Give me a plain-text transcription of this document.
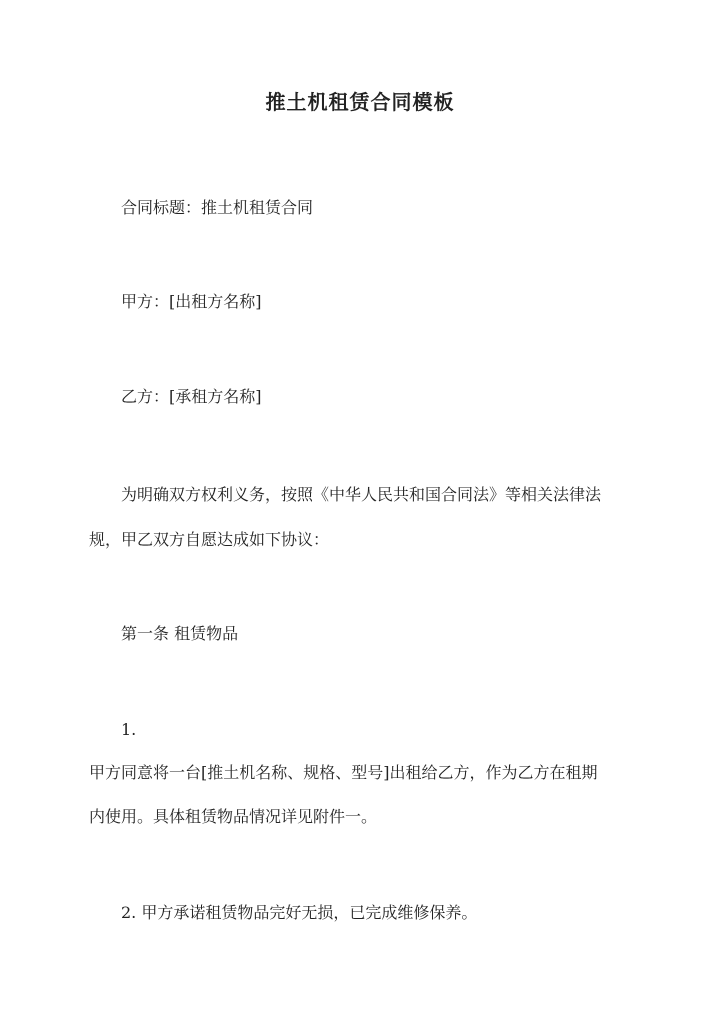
推土机租赁合同模板
合同标题：推土机租赁合同
甲方：[出租方名称]
乙方：[承租方名称]
为明确双方权利义务，按照《中华人民共和国合同法》等相关法律法
规，甲乙双方自愿达成如下协议：
第一条 租赁物品
1.
甲方同意将一台[推土机名称、规格、型号]出租给乙方，作为乙方在租期
内使用。具体租赁物品情况详见附件一。
2. 甲方承诺租赁物品完好无损，已完成维修保养。
